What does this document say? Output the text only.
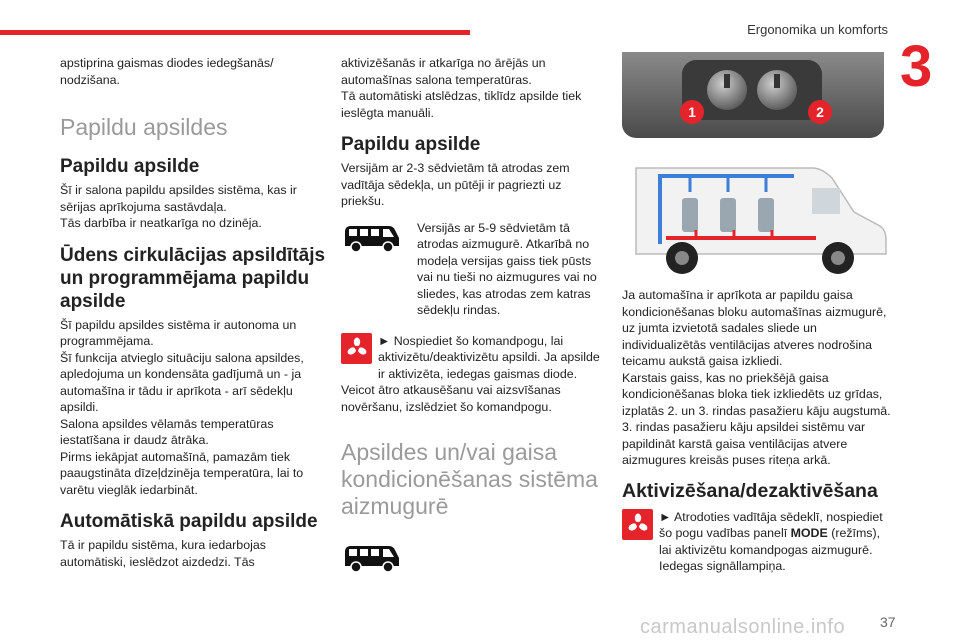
Ergonomika un komforts
3

apstiprina gaismas diodes iedegšanās/ nodzišana.

Papildu apsildes
Papildu apsilde

Šī ir salona papildu apsildes sistēma, kas ir sērijas aprīkojuma sastāvdaļa.

Tās darbība ir neatkarīga no dzinēja.

Ūdens cirkulācijas apsildītājs un programmējama papildu apsilde

Šī papildu apsildes sistēma ir autonoma un programmējama.

Šī funkcija atvieglo situāciju salona apsildes, apledojuma un kondensāta gadījumā un - ja automašīna ir tādu ir aprīkota - arī sēdekļu apsildi.

Salona apsildes vēlamās temperatūras iestatīšana ir daudz ātrāka.

Pirms iekāpjat automašīnā, pamazām tiek paaugstināta dīzeļdzinēja temperatūra, lai to varētu vieglāk iedarbināt.

Automātiskā papildu apsilde

Tā ir papildu sistēma, kura iedarbojas automātiski, ieslēdzot aizdedzi. Tās

aktivizēšanās ir atkarīga no ārējās un automašīnas salona temperatūras.

Tā automātiski atslēdzas, tiklīdz apsilde tiek ieslēgta manuāli.

Papildu apsilde

Versijām ar 2-3 sēdvietām tā atrodas zem vadītāja sēdekļa, un pūtēji ir pagriezti uz priekšu.

Versijās ar 5-9 sēdvietām tā atrodas aizmugurē. Atkarībā no modeļa versijas gaiss tiek pūsts vai nu tieši no aizmugures vai no sliedes, kas atrodas zem katras sēdekļu rindas.

► Nospiediet šo komandpogu, lai aktivizētu/deaktivizētu apsildi. Ja apsilde ir aktivizēta, iedegas gaismas diode.

Veicot ātro atkausēšanu vai aizsvīšanas novēršanu, izslēdziet šo komandpogu.

Apsildes un/vai gaisa kondicionēšanas sistēma aizmugurē
1	2

Ja automašīna ir aprīkota ar papildu gaisa kondicionēšanas bloku automašīnas aizmugurē, uz jumta izvietotā sadales sliede un individualizētās ventilācijas atveres nodrošina teicamu aukstā gaisa izkliedi.

Karstais gaiss, kas no priekšējā gaisa kondicionēšanas bloka tiek izkliedēts uz grīdas, izplatās 2. un 3. rindas pasažieru kāju augstumā. 3. rindas pasažieru kāju apsildei sistēmu var papildināt karstā gaisa ventilācijas atvere aizmugures kreisās puses riteņa arkā.

Aktivizēšana/dezaktivēšana

► Atrodoties vadītāja sēdeklī, nospiediet šo pogu vadības panelī MODE (režīms), lai aktivizētu komandpogas aizmugurē. Iedegas signāllampiņa.

37
carmanualsonline.info
